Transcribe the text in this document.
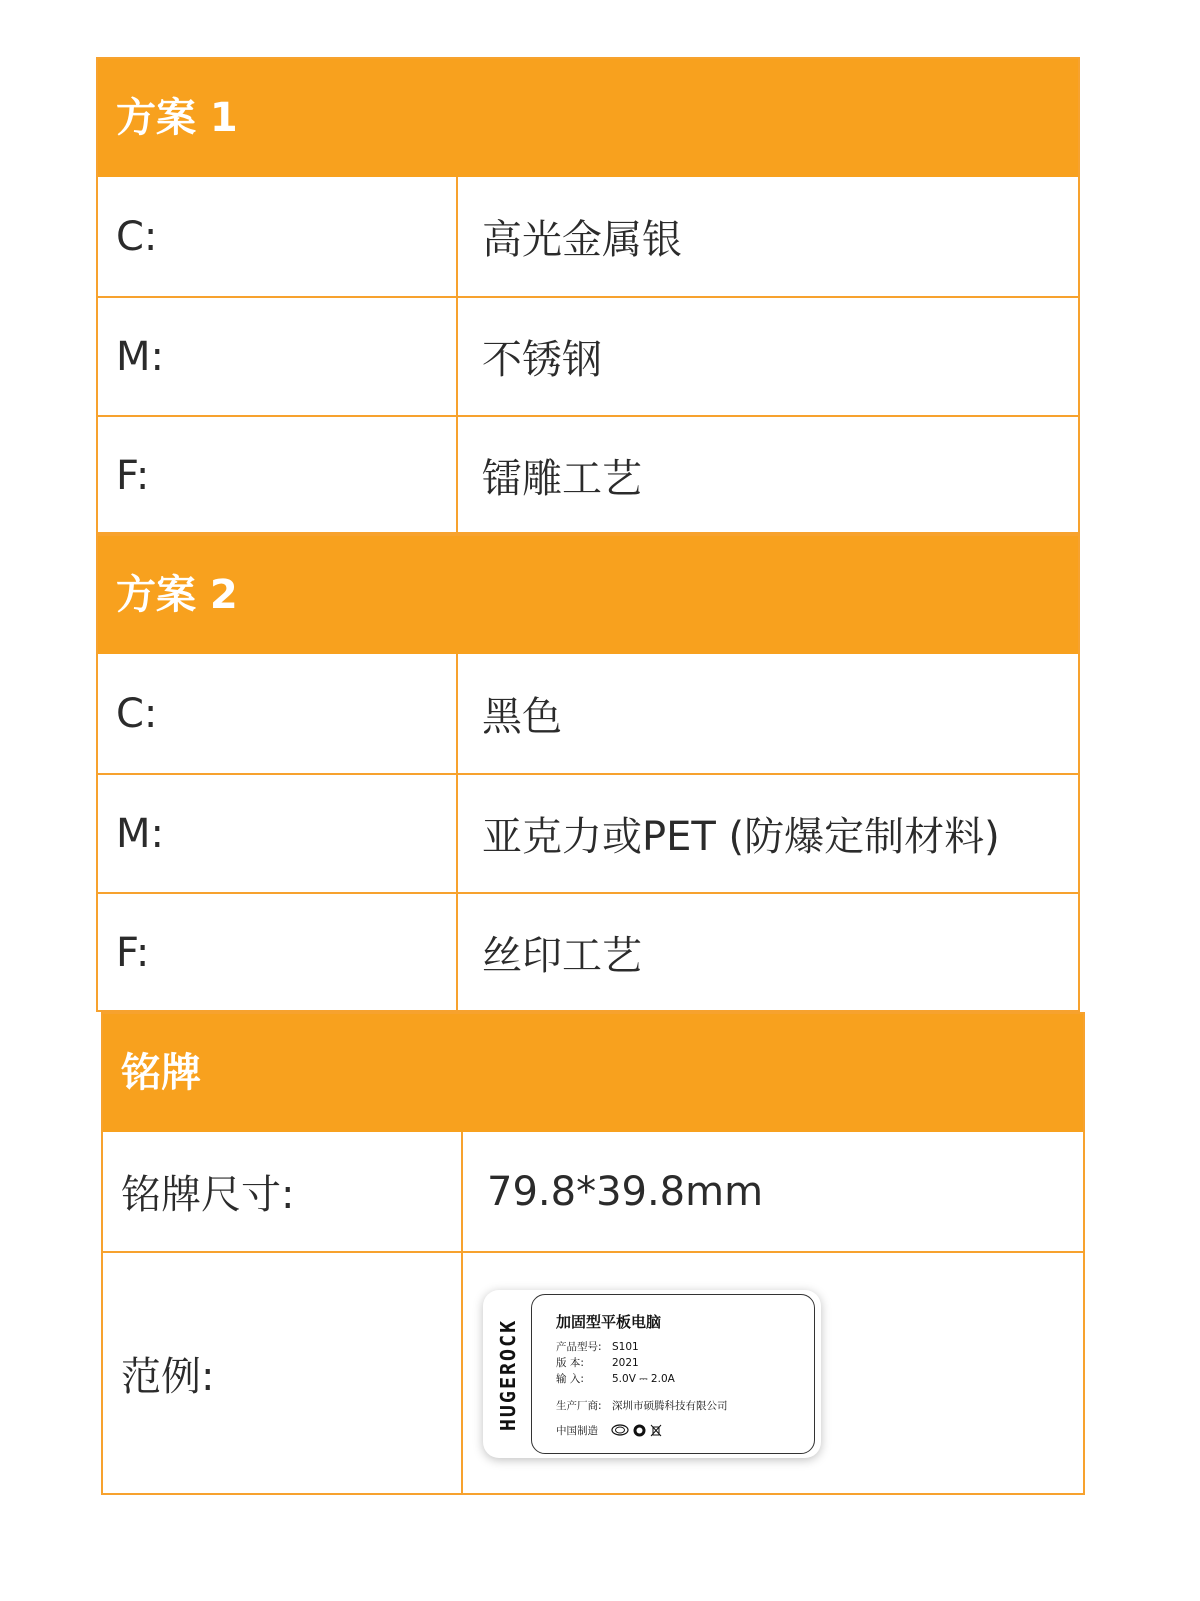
方案 1
C:	高光金属银
M:	不锈钢
F:	镭雕工艺
方案 2
C:	黑色
M:	亚克力或PET (防爆定制材料)
F:	丝印工艺
铭牌
铭牌尺寸:	79.8*39.8mm
范例:	HUGEROCK 加固型平板电脑
产品型号: S101
版 本:	2021
输 入:	5.0V ⎓ 2.0A
生产厂商: 深圳市硕腾科技有限公司
中国制造
